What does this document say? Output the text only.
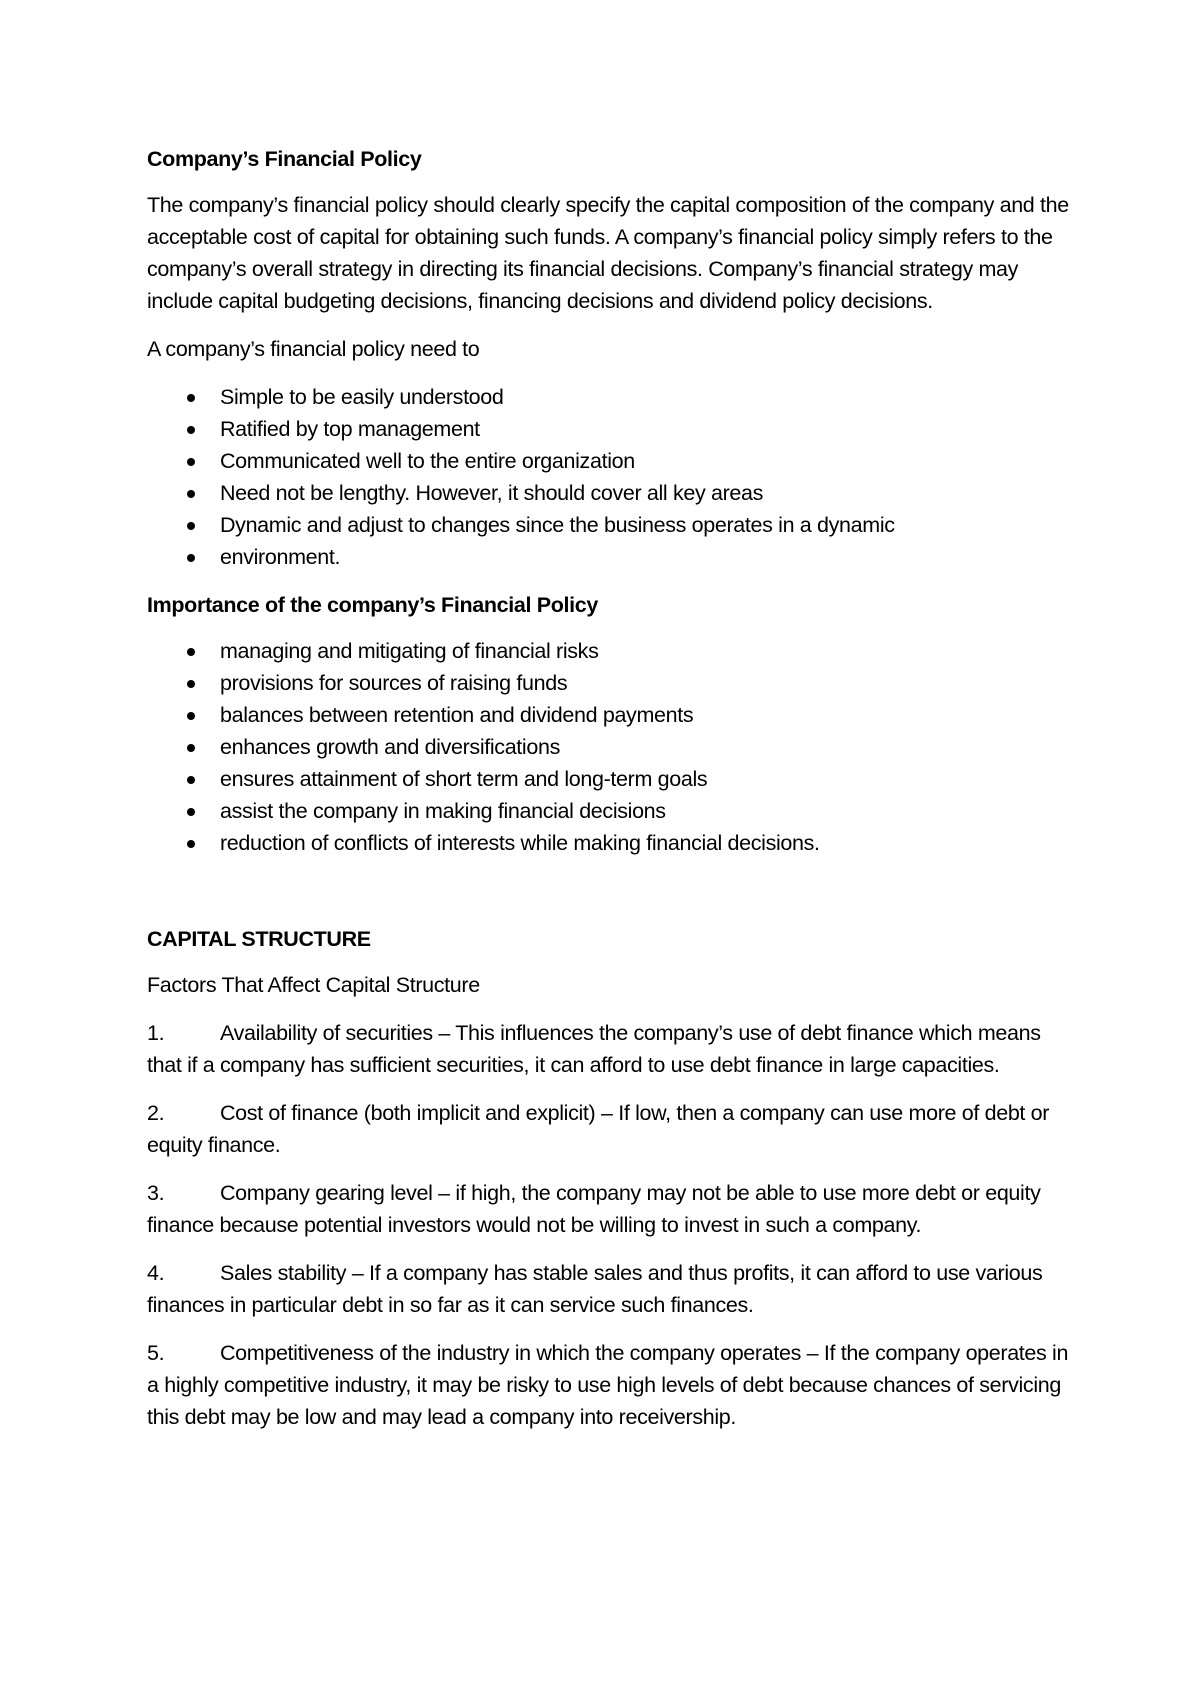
Company’s Financial Policy

The company’s financial policy should clearly specify the capital composition of the company and the acceptable cost of capital for obtaining such funds. A company’s financial policy simply refers to the company’s overall strategy in directing its financial decisions. Company’s financial strategy may include capital budgeting decisions, financing decisions and dividend policy decisions.

A company’s financial policy need to

Simple to be easily understood
Ratified by top management
Communicated well to the entire organization
Need not be lengthy. However, it should cover all key areas
Dynamic and adjust to changes since the business operates in a dynamic
environment.
Importance of the company’s Financial Policy
managing and mitigating of financial risks
provisions for sources of raising funds
balances between retention and dividend payments
enhances growth and diversifications
ensures attainment of short term and long-term goals
assist the company in making financial decisions
reduction of conflicts of interests while making financial decisions.
CAPITAL STRUCTURE

Factors That Affect Capital Structure

1.	Availability of securities – This influences the company’s use of debt finance which means that if a company has sufficient securities, it can afford to use debt finance in large capacities.

2.	Cost of finance (both implicit and explicit) – If low, then a company can use more of debt or equity finance.

3.	Company gearing level – if high, the company may not be able to use more debt or equity finance because potential investors would not be willing to invest in such a company.

4.	Sales stability – If a company has stable sales and thus profits, it can afford to use various finances in particular debt in so far as it can service such finances.

5.	Competitiveness of the industry in which the company operates – If the company operates in a highly competitive industry, it may be risky to use high levels of debt because chances of servicing this debt may be low and may lead a company into receivership.
